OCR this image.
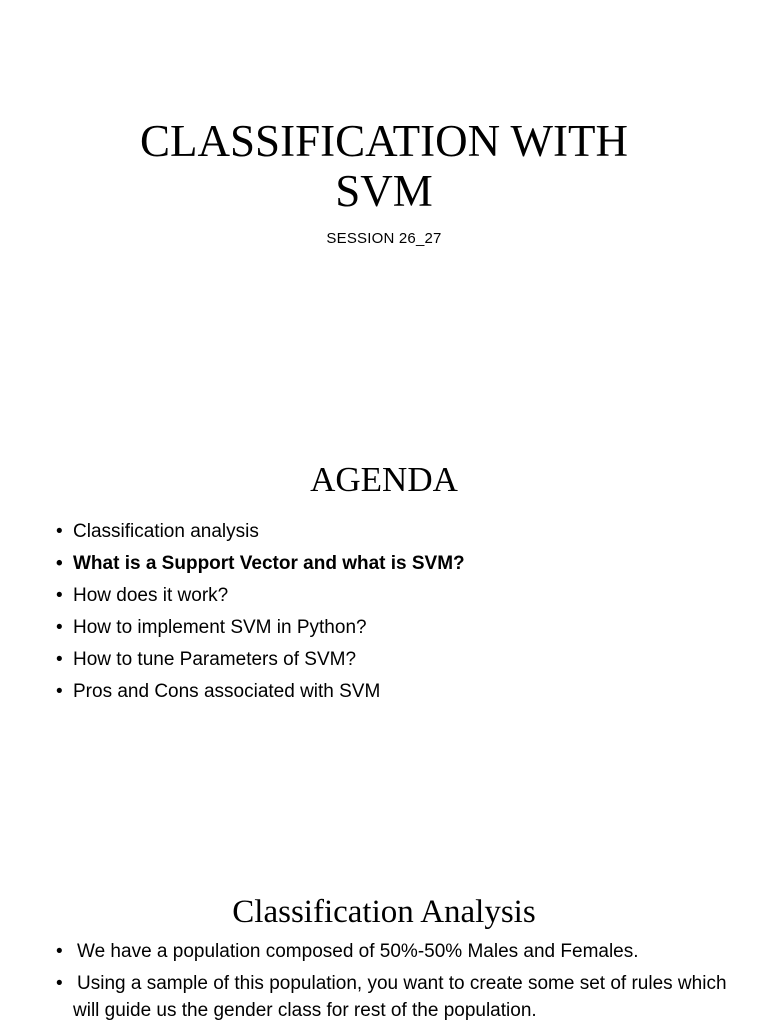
CLASSIFICATION WITH
SVM
SESSION 26_27
AGENDA
• Classification analysis
• What is a Support Vector and what is SVM?
• How does it work?
• How to implement SVM in Python?
• How to tune Parameters of SVM?
• Pros and Cons associated with SVM
Classification Analysis
• We have a population composed of 50%-50% Males and Females.
• Using a sample of this population, you want to create some set of rules which will guide us the gender class for rest of the population.
